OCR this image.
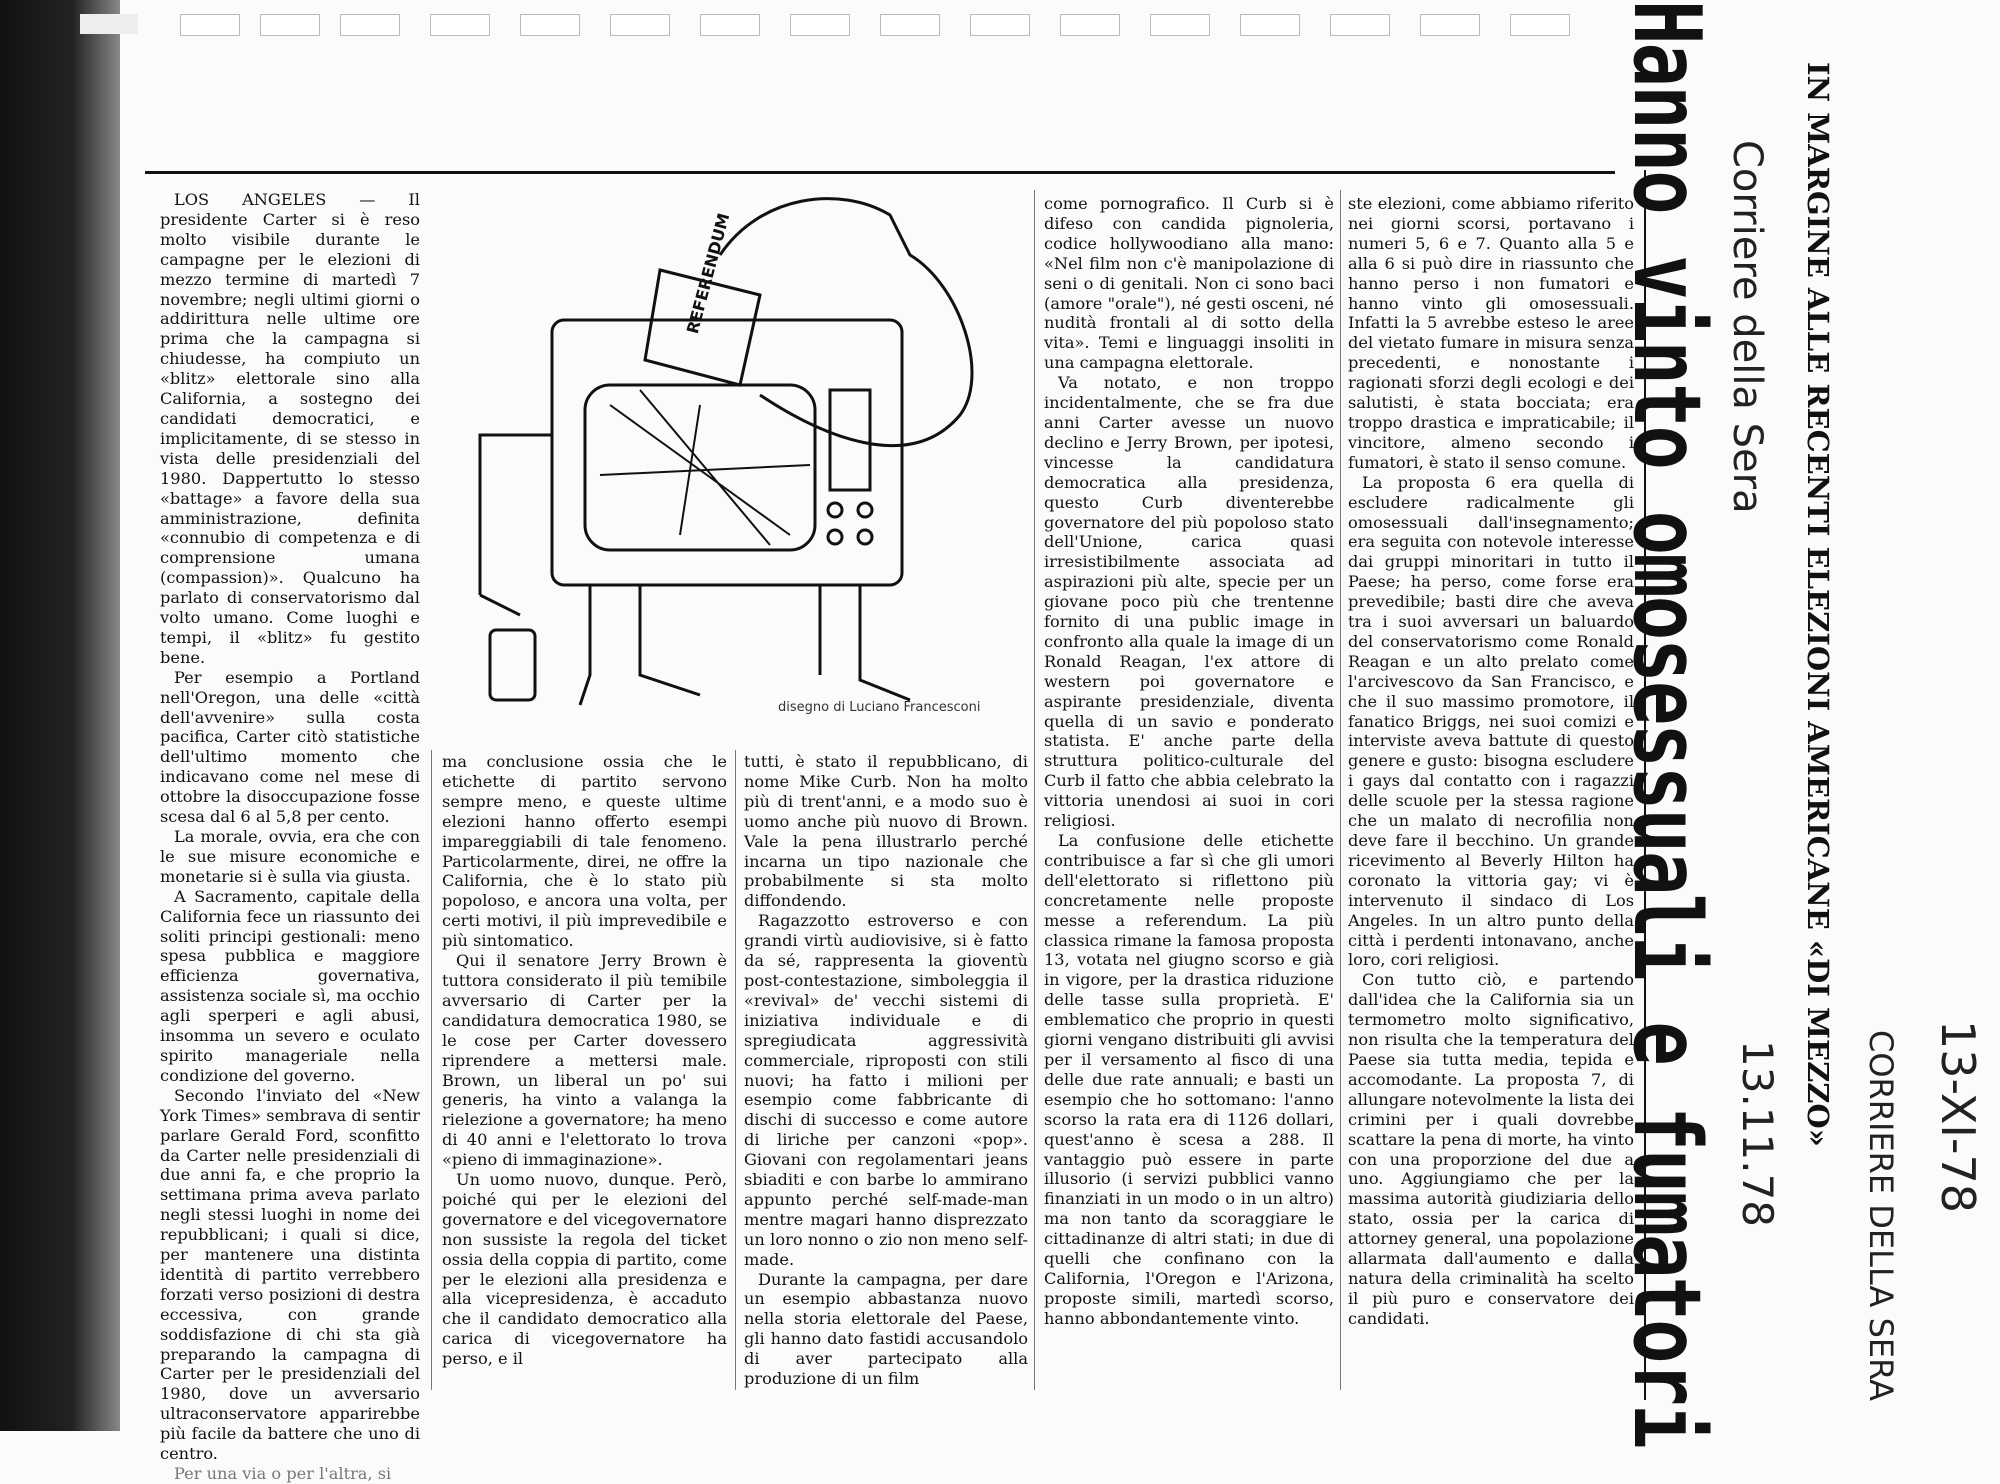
LOS ANGELES — Il presidente Carter si è reso molto visibile durante le campagne per le elezioni di mezzo termine di martedì 7 novembre; negli ultimi giorni o addirittura nelle ultime ore prima che la campagna si chiudesse, ha compiuto un «blitz» elettorale sino alla California, a sostegno dei candidati democratici, e implicitamente, di se stesso in vista delle presidenziali del 1980. Dappertutto lo stesso «battage» a favore della sua amministrazione, definita «connubio di competenza e di comprensione umana (compassion)». Qualcuno ha parlato di conservatorismo dal volto umano. Come luoghi e tempi, il «blitz» fu gestito bene.

Per esempio a Portland nell'Oregon, una delle «città dell'avvenire» sulla costa pacifica, Carter citò statistiche dell'ultimo momento che indicavano come nel mese di ottobre la disoccupazione fosse scesa dal 6 al 5,8 per cento.

La morale, ovvia, era che con le sue misure economiche e monetarie si è sulla via giusta.

A Sacramento, capitale della California fece un riassunto dei soliti principi gestionali: meno spesa pubblica e maggiore efficienza governativa, assistenza sociale sì, ma occhio agli sperperi e agli abusi, insomma un severo e oculato spirito manageriale nella condizione del governo.

Secondo l'inviato del «New York Times» sembrava di sentir parlare Gerald Ford, sconfitto da Carter nelle presidenziali di due anni fa, e che proprio la settimana prima aveva parlato negli stessi luoghi in nome dei repubblicani; i quali si dice, per mantenere una distinta identità di partito verrebbero forzati verso posizioni di destra eccessiva, con grande soddisfazione di chi sta già preparando la campagna di Carter per le presidenziali del 1980, dove un avversario ultraconservatore apparirebbe più facile da battere che uno di centro.

Per una via o per l'altra, si

REFERENDUM
disegno di Luciano Francesconi

ma conclusione ossia che le etichette di partito servono sempre meno, e queste ultime elezioni hanno offerto esempi impareggiabili di tale fenomeno. Particolarmente, direi, ne offre la California, che è lo stato più popoloso, e ancora una volta, per certi motivi, il più imprevedibile e più sintomatico.

Qui il senatore Jerry Brown è tuttora considerato il più temibile avversario di Carter per la candidatura democratica 1980, se le cose per Carter dovessero riprendere a mettersi male. Brown, un liberal un po' sui generis, ha vinto a valanga la rielezione a governatore; ha meno di 40 anni e l'elettorato lo trova «pieno di immaginazione».

Un uomo nuovo, dunque. Però, poiché qui per le elezioni del governatore e del vicegovernatore non sussiste la regola del ticket ossia della coppia di partito, come per le elezioni alla presidenza e alla vicepresidenza, è accaduto che il candidato democratico alla carica di vicegovernatore ha perso, e il

tutti, è stato il repubblicano, di nome Mike Curb. Non ha molto più di trent'anni, e a modo suo è uomo anche più nuovo di Brown. Vale la pena illustrarlo perché incarna un tipo nazionale che probabilmente si sta molto diffondendo.

Ragazzotto estroverso e con grandi virtù audiovisive, si è fatto da sé, rappresenta la gioventù post-contestazione, simboleggia il «revival» de' vecchi sistemi di iniziativa individuale e di spregiudicata aggressività commerciale, riproposti con stili nuovi; ha fatto i milioni per esempio come fabbricante di dischi di successo e come autore di liriche per canzoni «pop». Giovani con regolamentari jeans sbiaditi e con barbe lo ammirano appunto perché self-made-man mentre magari hanno disprezzato un loro nonno o zio non meno self-made.

Durante la campagna, per dare un esempio abbastanza nuovo nella storia elettorale del Paese, gli hanno dato fastidi accusandolo di aver partecipato alla produzione di un film

come pornografico. Il Curb si è difeso con candida pignoleria, codice hollywoodiano alla mano: «Nel film non c'è manipolazione di seni o di genitali. Non ci sono baci (amore "orale"), né gesti osceni, né nudità frontali al di sotto della vita». Temi e linguaggi insoliti in una campagna elettorale.

Va notato, e non troppo incidentalmente, che se fra due anni Carter avesse un nuovo declino e Jerry Brown, per ipotesi, vincesse la candidatura democratica alla presidenza, questo Curb diventerebbe governatore del più popoloso stato dell'Unione, carica quasi irresistibilmente associata ad aspirazioni più alte, specie per un giovane poco più che trentenne fornito di una public image in confronto alla quale la image di un Ronald Reagan, l'ex attore di western poi governatore e aspirante presidenziale, diventa quella di un savio e ponderato statista. E' anche parte della struttura politico-culturale del Curb il fatto che abbia celebrato la vittoria unendosi ai suoi in cori religiosi.

La confusione delle etichette contribuisce a far sì che gli umori dell'elettorato si riflettono più concretamente nelle proposte messe a referendum. La più classica rimane la famosa proposta 13, votata nel giugno scorso e già in vigore, per la drastica riduzione delle tasse sulla proprietà. E' emblematico che proprio in questi giorni vengano distribuiti gli avvisi per il versamento al fisco di una delle due rate annuali; e basti un esempio che ho sottomano: l'anno scorso la rata era di 1126 dollari, quest'anno è scesa a 288. Il vantaggio può essere in parte illusorio (i servizi pubblici vanno finanziati in un modo o in un altro) ma non tanto da scoraggiare le cittadinanze di altri stati; in due di quelli che confinano con la California, l'Oregon e l'Arizona, proposte simili, martedì scorso, hanno abbondantemente vinto.

ste elezioni, come abbiamo riferito nei giorni scorsi, portavano i numeri 5, 6 e 7. Quanto alla 5 e alla 6 si può dire in riassunto che hanno perso i non fumatori e hanno vinto gli omosessuali. Infatti la 5 avrebbe esteso le aree del vietato fumare in misura senza precedenti, e nonostante i ragionati sforzi degli ecologi e dei salutisti, è stata bocciata; era troppo drastica e impraticabile; il vincitore, almeno secondo i fumatori, è stato il senso comune.

La proposta 6 era quella di escludere radicalmente gli omosessuali dall'insegnamento; era seguita con notevole interesse dai gruppi minoritari in tutto il Paese; ha perso, come forse era prevedibile; basti dire che aveva tra i suoi avversari un baluardo del conservatorismo come Ronald Reagan e un alto prelato come l'arcivescovo da San Francisco, e che il suo massimo promotore, il fanatico Briggs, nei suoi comizi e interviste aveva battute di questo genere e gusto: bisogna escludere i gays dal contatto con i ragazzi delle scuole per la stessa ragione che un malato di necrofilia non deve fare il becchino. Un grande ricevimento al Beverly Hilton ha coronato la vittoria gay; vi è intervenuto il sindaco di Los Angeles. In un altro punto della città i perdenti intonavano, anche loro, cori religiosi.

Con tutto ciò, e partendo dall'idea che la California sia un termometro molto significativo, non risulta che la temperatura del Paese sia tutta media, tepida e accomodante. La proposta 7, di allungare notevolmente la lista dei crimini per i quali dovrebbe scattare la pena di morte, ha vinto con una proporzione del due a uno. Aggiungiamo che per la massima autorità giudiziaria dello stato, ossia per la carica di attorney general, una popolazione allarmata dall'aumento e dalla natura della criminalità ha scelto il più puro e conservatore dei candidati.	Hanno vinto omosessuali e fumatori	IN MARGINE ALLE RECENTI ELEZIONI AMERICANE «DI MEZZO»
Corriere della Sera
13.11.78	13-XI-78
CORRIERE DELLA SERA
